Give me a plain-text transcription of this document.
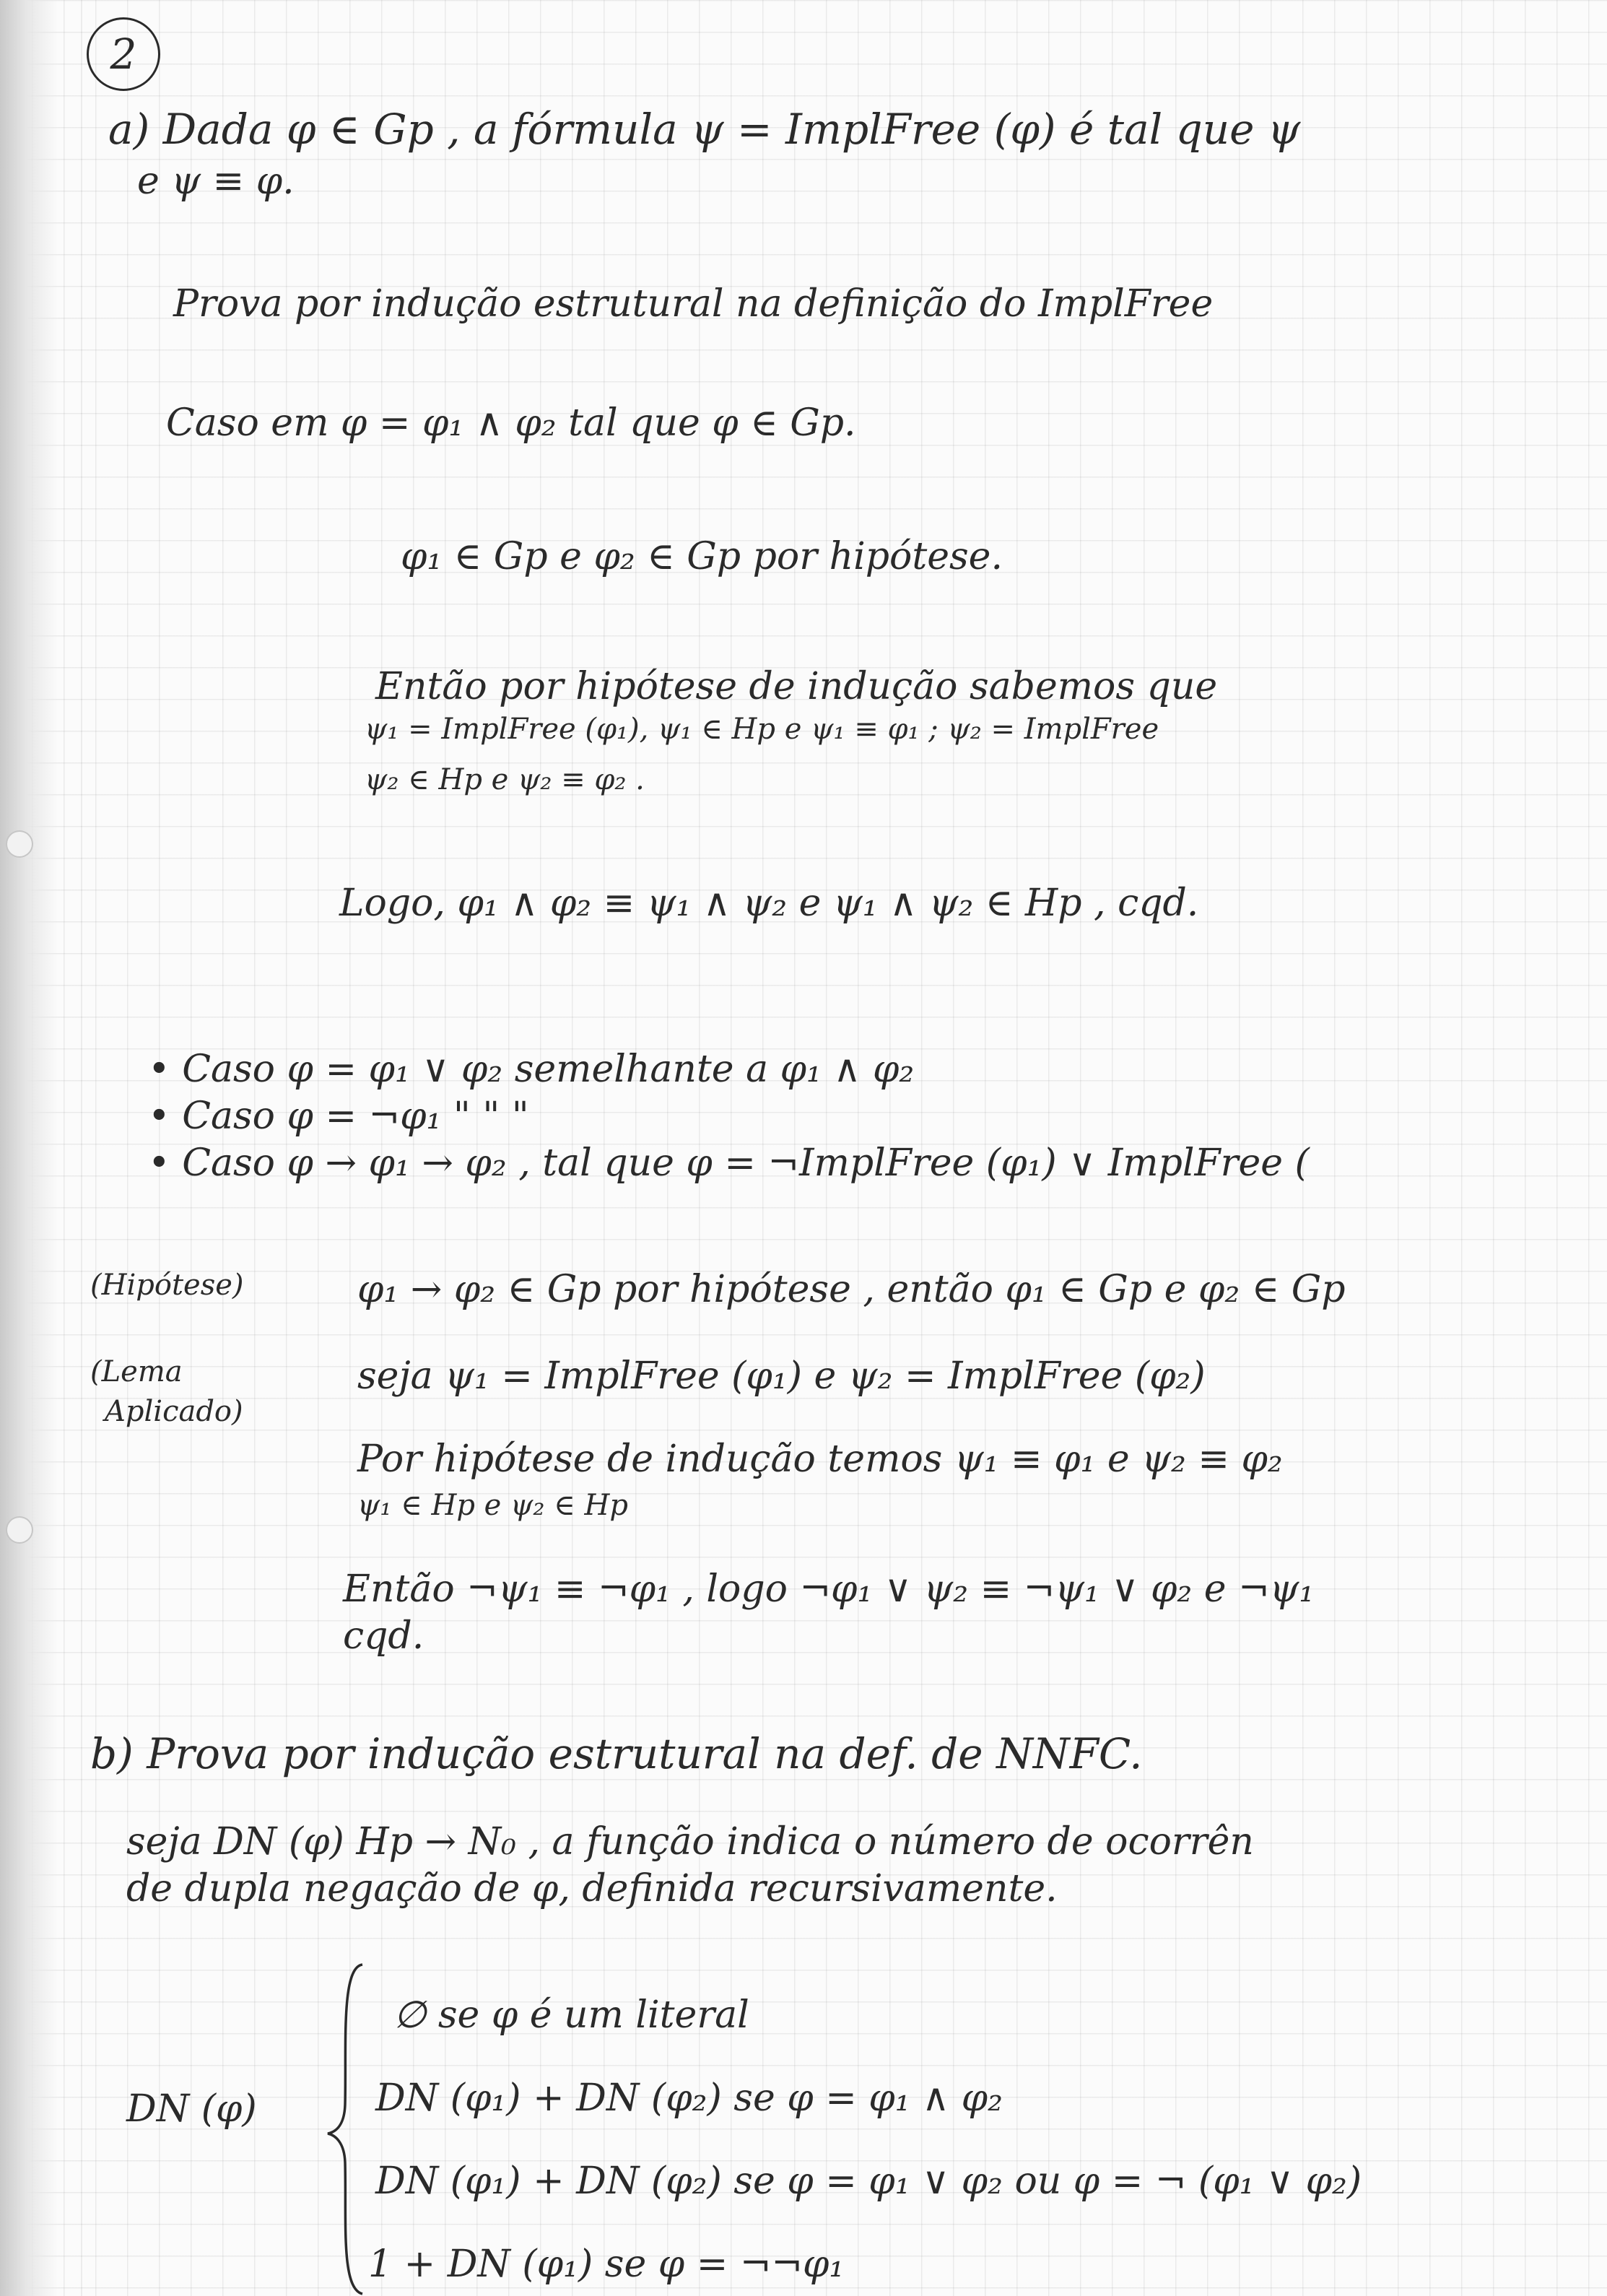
2
a) Dada φ ∈ Gp , a fórmula ψ = ImplFree (φ) é tal que ψ
e ψ ≡ φ.
Prova por indução estrutural na definição do ImplFree
Caso em φ = φ₁ ∧ φ₂ tal que φ ∈ Gp.
φ₁ ∈ Gp e φ₂ ∈ Gp por hipótese.
Então por hipótese de indução sabemos que
ψ₁ = ImplFree (φ₁), ψ₁ ∈ Hp e ψ₁ ≡ φ₁ ; ψ₂ = ImplFree
ψ₂ ∈ Hp e ψ₂ ≡ φ₂ .
Logo, φ₁ ∧ φ₂ ≡ ψ₁ ∧ ψ₂ e ψ₁ ∧ ψ₂ ∈ Hp , cqd.
• Caso φ = φ₁ ∨ φ₂ semelhante a φ₁ ∧ φ₂
• Caso φ = ¬φ₁ " " "
• Caso φ → φ₁ → φ₂ , tal que φ = ¬ImplFree (φ₁) ∨ ImplFree (
(Hipótese)
(Lema
Aplicado)
φ₁ → φ₂ ∈ Gp por hipótese , então φ₁ ∈ Gp e φ₂ ∈ Gp
seja ψ₁ = ImplFree (φ₁) e ψ₂ = ImplFree (φ₂)
Por hipótese de indução temos ψ₁ ≡ φ₁ e ψ₂ ≡ φ₂
ψ₁ ∈ Hp e ψ₂ ∈ Hp
Então ¬ψ₁ ≡ ¬φ₁ , logo ¬φ₁ ∨ ψ₂ ≡ ¬ψ₁ ∨ φ₂ e ¬ψ₁
cqd.
b) Prova por indução estrutural na def. de NNFC.
seja DN (φ) Hp → N₀ , a função indica o número de ocorrên
de dupla negação de φ, definida recursivamente.
DN (φ)
∅ se φ é um literal
DN (φ₁) + DN (φ₂) se φ = φ₁ ∧ φ₂
DN (φ₁) + DN (φ₂) se φ = φ₁ ∨ φ₂ ou φ = ¬ (φ₁ ∨ φ₂)
1 + DN (φ₁) se φ = ¬¬φ₁
